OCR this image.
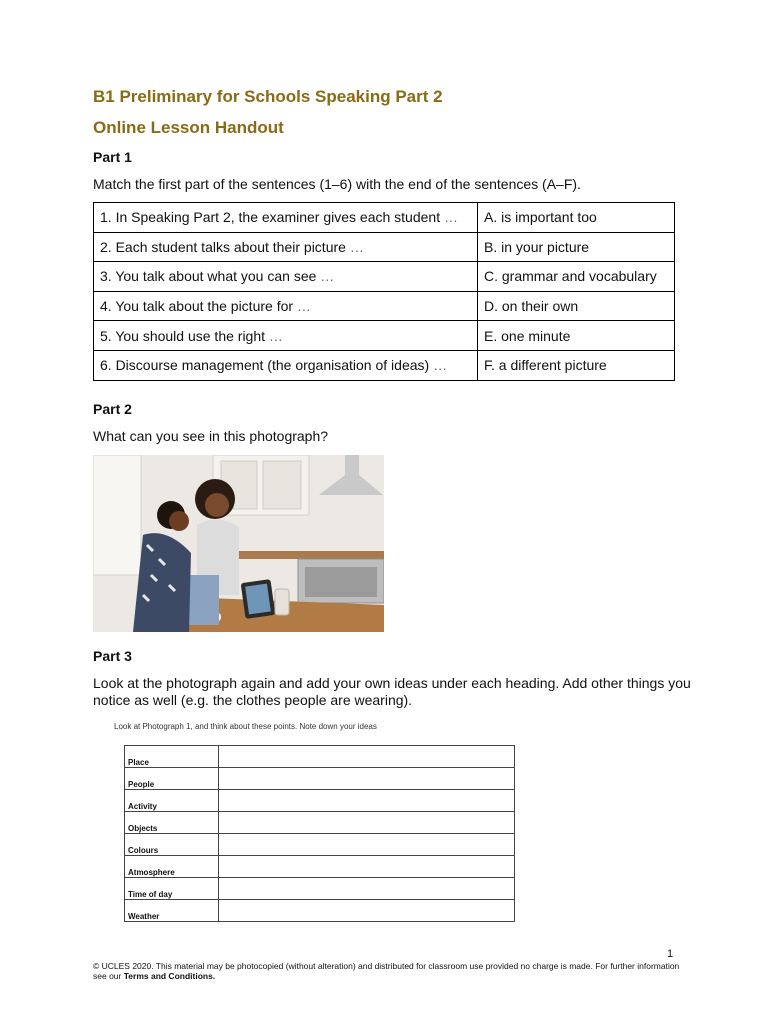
B1 Preliminary for Schools Speaking Part 2
Online Lesson Handout

Part 1

Match the first part of the sentences (1–6) with the end of the sentences (A–F).

1. In Speaking Part 2, the examiner gives each student …	A. is important too
2. Each student talks about their picture …	B. in your picture
3. You talk about what you can see …	C. grammar and vocabulary
4. You talk about the picture for …	D. on their own
5. You should use the right …	E. one minute
6. Discourse management (the organisation of ideas) …	F. a different picture

Part 2

What can you see in this photograph?

Part 3

Look at the photograph again and add your own ideas under each heading. Add other things you notice as well (e.g. the clothes people are wearing).

Look at Photograph 1, and think about these points. Note down your ideas

Place	
People	
Activity	
Objects	
Colours	
Atmosphere	
Time of day	
Weather	

1

© UCLES 2020. This material may be photocopied (without alteration) and distributed for classroom use provided no charge is made. For further information see our Terms and Conditions.
